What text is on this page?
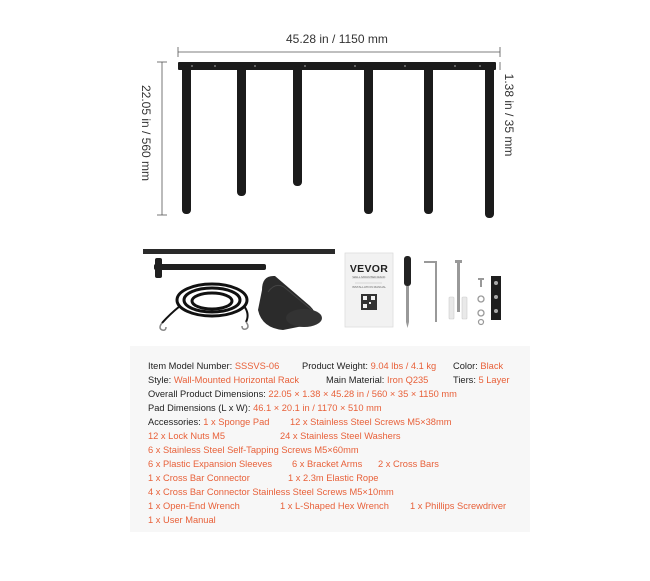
VEVOR
WALL MOUNTED RACK
INSTALLATION MANUAL
45.28 in / 1150 mm
22.05 in / 560 mm	1.38 in / 35 mm
Item Model Number: SSSVS-06 Product Weight: 9.04 lbs / 4.1 kg Color: Black
Style: Wall-Mounted Horizontal Rack	Main Material: Iron Q235	Tiers: 5 Layer
Overall Product Dimensions: 22.05 × 1.38 × 45.28 in / 560 × 35 × 1150 mm
Pad Dimensions (L x W): 46.1 × 20.1 in / 1170 × 510 mm
Accessories: 1 x Sponge Pad 12 x Stainless Steel Screws M5×38mm
12 x Lock Nuts M5	24 x Stainless Steel Washers
6 x Stainless Steel Self-Tapping Screws M5×60mm
6 x Plastic Expansion Sleeves 6 x Bracket Arms 2 x Cross Bars
1 x Cross Bar Connector	1 x 2.3m Elastic Rope
4 x Cross Bar Connector Stainless Steel Screws M5×10mm
1 x Open-End Wrench	1 x L-Shaped Hex Wrench 1 x Phillips Screwdriver
1 x User Manual
